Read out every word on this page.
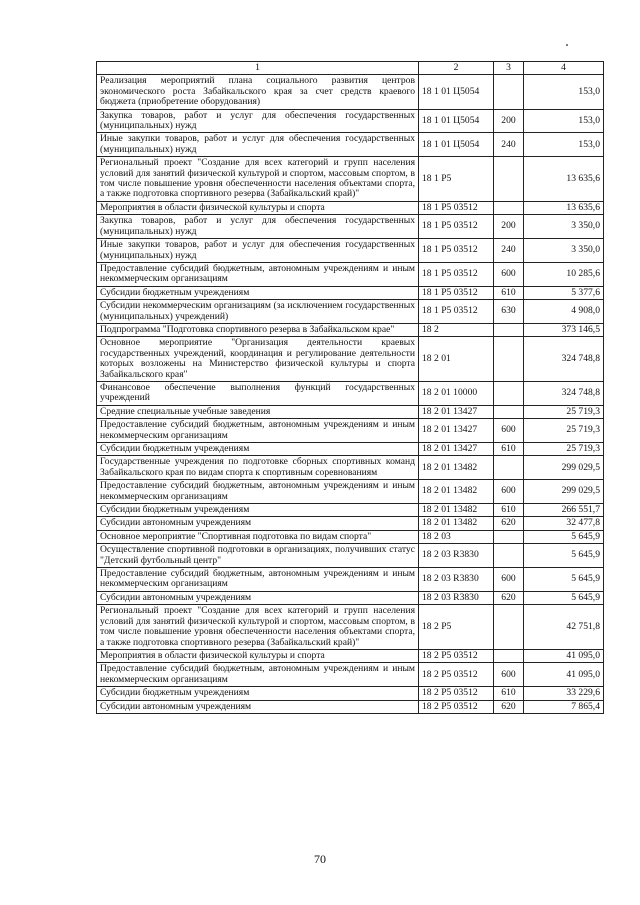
1	2	3	4
Реализация мероприятий плана социального развития центров экономического роста Забайкальского края за счет средств краевого бюджета (приобретение оборудования)	18 1 01 Ц5054		153,0
Закупка товаров, работ и услуг для обеспечения государственных (муниципальных) нужд	18 1 01 Ц5054	200	153,0
Иные закупки товаров, работ и услуг для обеспечения государственных (муниципальных) нужд	18 1 01 Ц5054	240	153,0
Региональный проект "Создание для всех категорий и групп населения условий для занятий физической культурой и спортом, массовым спортом, в том числе повышение уровня обеспеченности населения объектами спорта, а также подготовка спортивного резерва (Забайкальский край)"	18 1 P5		13 635,6
Мероприятия в области физической культуры и спорта	18 1 P5 03512		13 635,6
Закупка товаров, работ и услуг для обеспечения государственных (муниципальных) нужд	18 1 P5 03512	200	3 350,0
Иные закупки товаров, работ и услуг для обеспечения государственных (муниципальных) нужд	18 1 P5 03512	240	3 350,0
Предоставление субсидий бюджетным, автономным учреждениям и иным некоммерческим организациям	18 1 P5 03512	600	10 285,6
Субсидии бюджетным учреждениям	18 1 P5 03512	610	5 377,6
Субсидии некоммерческим организациям (за исключением государственных (муниципальных) учреждений)	18 1 P5 03512	630	4 908,0
Подпрограмма "Подготовка спортивного резерва в Забайкальском крае"	18 2		373 146,5
Основное мероприятие "Организация деятельности краевых государственных учреждений, координация и регулирование деятельности которых возложены на Министерство физической культуры и спорта Забайкальского края"	18 2 01		324 748,8
Финансовое обеспечение выполнения функций государственных учреждений	18 2 01 10000		324 748,8
Средние специальные учебные заведения	18 2 01 13427		25 719,3
Предоставление субсидий бюджетным, автономным учреждениям и иным некоммерческим организациям	18 2 01 13427	600	25 719,3
Субсидии бюджетным учреждениям	18 2 01 13427	610	25 719,3
Государственные учреждения по подготовке сборных спортивных команд Забайкальского края по видам спорта к спортивным соревнованиям	18 2 01 13482		299 029,5
Предоставление субсидий бюджетным, автономным учреждениям и иным некоммерческим организациям	18 2 01 13482	600	299 029,5
Субсидии бюджетным учреждениям	18 2 01 13482	610	266 551,7
Субсидии автономным учреждениям	18 2 01 13482	620	32 477,8
Основное мероприятие "Спортивная подготовка по видам спорта"	18 2 03		5 645,9
Осуществление спортивной подготовки в организациях, получивших статус "Детский футбольный центр"	18 2 03 R3830		5 645,9
Предоставление субсидий бюджетным, автономным учреждениям и иным некоммерческим организациям	18 2 03 R3830	600	5 645,9
Субсидии автономным учреждениям	18 2 03 R3830	620	5 645,9
Региональный проект "Создание для всех категорий и групп населения условий для занятий физической культурой и спортом, массовым спортом, в том числе повышение уровня обеспеченности населения объектами спорта, а также подготовка спортивного резерва (Забайкальский край)"	18 2 P5		42 751,8
Мероприятия в области физической культуры и спорта	18 2 P5 03512		41 095,0
Предоставление субсидий бюджетным, автономным учреждениям и иным некоммерческим организациям	18 2 P5 03512	600	41 095,0
Субсидии бюджетным учреждениям	18 2 P5 03512	610	33 229,6
Субсидии автономным учреждениям	18 2 P5 03512	620	7 865,4
70
